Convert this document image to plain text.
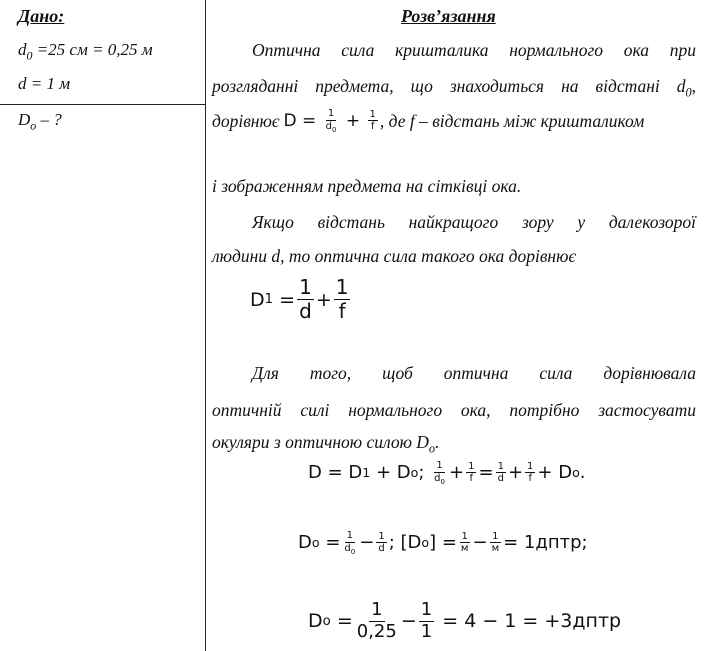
Дано:
$d_0 =25$ см = 0,25 м
d = 1 м
$D_о$ – ?
Розв’язання
Оптична сила кришталика нормального ока при
розгляданні предмета, що знаходиться на відстані $d_0$,
дорівнює $D = \frac{1}{d_0} + \frac{1}{f}$ , де f – відстань між кришталиком
і зображенням предмета на сітківці ока.
Якщо відстань найкращого зору у далекозорої
людини d, то оптична сила такого ока дорівнює
D $1 = \frac{1}{d} + \frac{1}{f}$
Для того, щоб оптична сила дорівнювала
оптичній силі нормального ока, потрібно застосувати
окуляри з оптичною силою $D_о$.
D = D 1 + D o ; $\frac{1}{d_0} + \frac{1}{f} = \frac{1}{d} + \frac{1}{f} + D$ o .
D $o = \frac{1}{d_0} - \frac{1}{d}$ ; [D o ] = $\frac{1}{м} - \frac{1}{м}$ = 1дптр;
D $o = \frac{1}{0,25} - \frac{1}{1}$
= 4 − 1 = +3дптр
